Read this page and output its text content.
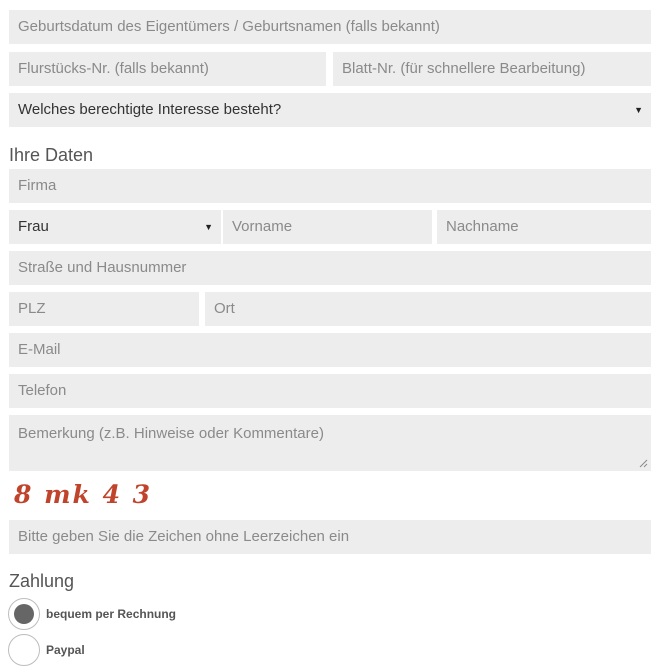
Geburtsdatum des Eigentümers / Geburtsnamen (falls bekannt)
Flurstücks-Nr. (falls bekannt)	Blatt-Nr. (für schnellere Bearbeitung)
Welches berechtigte Interesse besteht?	▼
Ihre Daten
Firma
Frau	▼	Vorname	Nachname
Straße und Hausnummer
PLZ	Ort
E-Mail
Telefon
Bemerkung (z.B. Hinweise oder Kommentare)
8 mk 4 3
Bitte geben Sie die Zeichen ohne Leerzeichen ein
Zahlung
bequem per Rechnung
Paypal
